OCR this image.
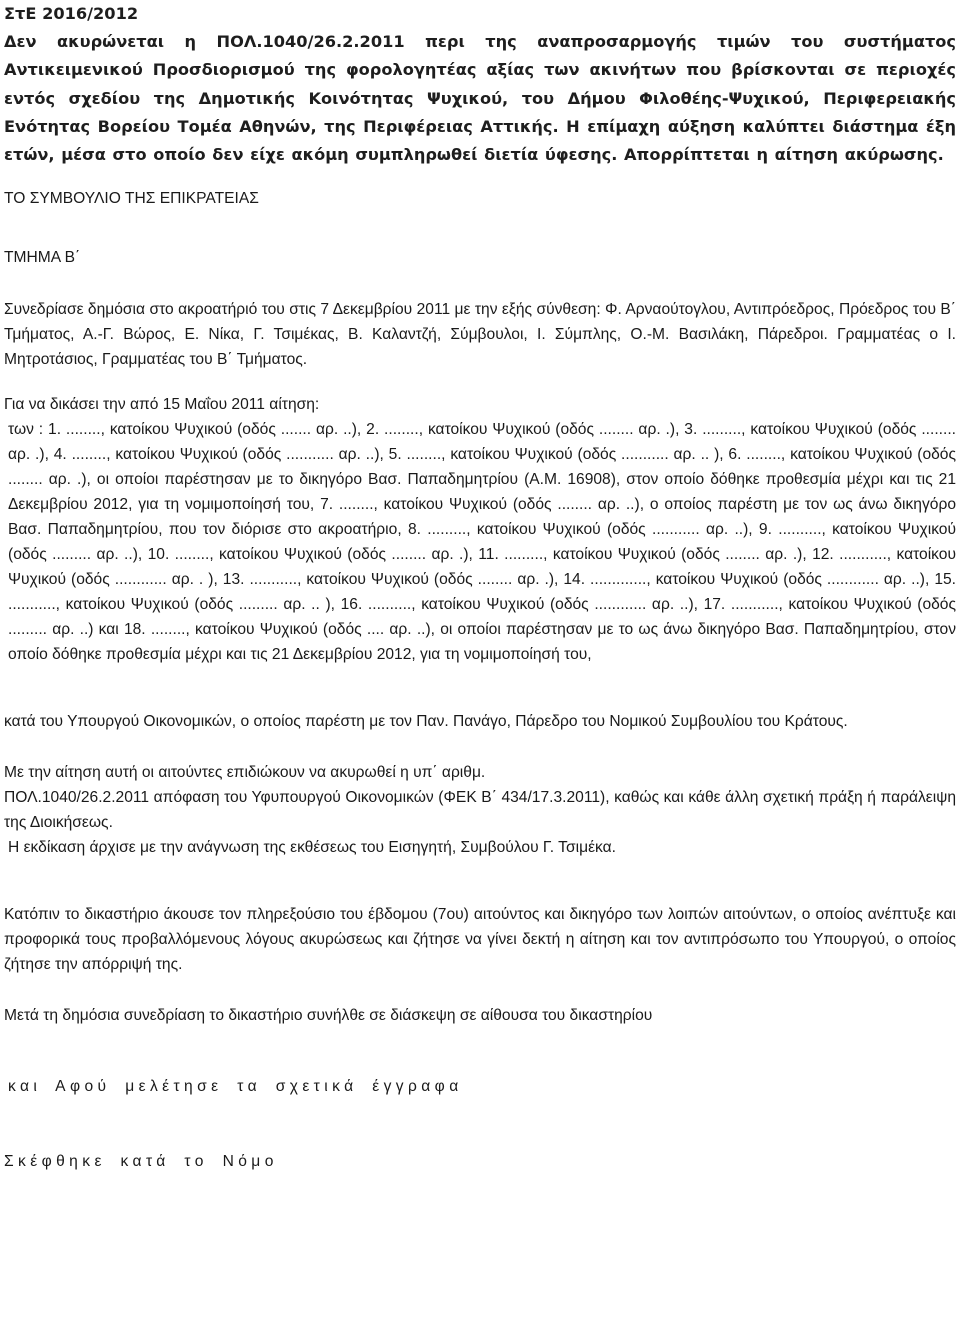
ΣτΕ 2016/2012
Δεν ακυρώνεται η ΠΟΛ.1040/26.2.2011 περι της αναπροσαρμογής τιμών του συστήματος Αντικειμενικού Προσδιορισμού της φορολογητέας αξίας των ακινήτων που βρίσκονται σε περιοχές εντός σχεδίου της Δημοτικής Κοινότητας Ψυχικού, του Δήμου Φιλοθέης-Ψυχικού, Περιφερειακής Ενότητας Βορείου Τομέα Αθηνών, της Περιφέρειας Αττικής. Η επίμαχη αύξηση καλύπτει διάστημα έξη ετών, μέσα στο οποίο δεν είχε ακόμη συμπληρωθεί διετία ύφεσης. Απορρίπτεται η αίτηση ακύρωσης.

ΤΟ ΣΥΜΒΟΥΛΙΟ ΤΗΣ ΕΠΙΚΡΑΤΕΙΑΣ

ΤΜΗΜΑ Β΄

Συνεδρίασε δημόσια στο ακροατήριό του στις 7 Δεκεμβρίου 2011 με την εξής σύνθεση: Φ. Αρναούτογλου, Αντιπρόεδρος, Πρόεδρος του Β΄ Τμήματος, Α.-Γ. Βώρος, Ε. Νίκα, Γ. Τσιμέκας, Β. Καλαντζή, Σύμβουλοι, Ι. Σύμπλης, Ο.-Μ. Βασιλάκη, Πάρεδροι. Γραμματέας ο Ι. Μητροτάσιος, Γραμματέας του Β΄ Τμήματος.

Για να δικάσει την από 15 Μαΐου 2011 αίτηση:

των : 1. ........, κατοίκου Ψυχικού (οδός ....... αρ. ..), 2. ........, κατοίκου Ψυχικού (οδός ........ αρ. .), 3. ........., κατοίκου Ψυχικού (οδός ........ αρ. .), 4. ........, κατοίκου Ψυχικού (οδός ........... αρ. ..), 5. ........, κατοίκου Ψυχικού (οδός ........... αρ. .. ), 6. ........, κατοίκου Ψυχικού (οδός ........ αρ. .), οι οποίοι παρέστησαν με το δικηγόρο Βασ. Παπαδημητρίου (Α.Μ. 16908), στον οποίο δόθηκε προθεσμία μέχρι και τις 21 Δεκεμβρίου 2012, για τη νομιμοποίησή του, 7. ........, κατοίκου Ψυχικού (οδός ........ αρ. ..), ο οποίος παρέστη με τον ως άνω δικηγόρο Βασ. Παπαδημητρίου, που τον διόρισε στο ακροατήριο, 8. ........., κατοίκου Ψυχικού (οδός ........... αρ. ..), 9. .........., κατοίκου Ψυχικού (οδός ......... αρ. ..), 10. ........, κατοίκου Ψυχικού (οδός ........ αρ. .), 11. ........., κατοίκου Ψυχικού (οδός ........ αρ. .), 12. ..........., κατοίκου Ψυχικού (οδός ............ αρ. . ), 13. ..........., κατοίκου Ψυχικού (οδός ........ αρ. .), 14. ............., κατοίκου Ψυχικού (οδός ............ αρ. ..), 15. ..........., κατοίκου Ψυχικού (οδός ......... αρ. .. ), 16. .........., κατοίκου Ψυχικού (οδός ............ αρ. ..), 17. ..........., κατοίκου Ψυχικού (οδός ......... αρ. ..) και 18. ........, κατοίκου Ψυχικού (οδός .... αρ. ..), οι οποίοι παρέστησαν με το ως άνω δικηγόρο Βασ. Παπαδημητρίου, στον οποίο δόθηκε προθεσμία μέχρι και τις 21 Δεκεμβρίου 2012, για τη νομιμοποίησή του,

κατά του Υπουργού Οικονομικών, ο οποίος παρέστη με τον Παν. Πανάγο, Πάρεδρο του Νομικού Συμβουλίου του Κράτους.

Με την αίτηση αυτή οι αιτούντες επιδιώκουν να ακυρωθεί η υπ΄ αριθμ.

ΠΟΛ.1040/26.2.2011 απόφαση του Υφυπουργού Οικονομικών (ΦΕΚ Β΄ 434/17.3.2011), καθώς και κάθε άλλη σχετική πράξη ή παράλειψη της Διοικήσεως.

Η εκδίκαση άρχισε με την ανάγνωση της εκθέσεως του Εισηγητή, Συμβούλου Γ. Τσιμέκα.

Κατόπιν το δικαστήριο άκουσε τον πληρεξούσιο του έβδομου (7ου) αιτούντος και δικηγόρο των λοιπών αιτούντων, ο οποίος ανέπτυξε και προφορικά τους προβαλλόμενους λόγους ακυρώσεως και ζήτησε να γίνει δεκτή η αίτηση και τον αντιπρόσωπο του Υπουργού, ο οποίος ζήτησε την απόρριψή της.

Μετά τη δημόσια συνεδρίαση το δικαστήριο συνήλθε σε διάσκεψη σε αίθουσα του δικαστηρίου

και Αφού μελέτησε τα σχετικά έγγραφα

Σκέφθηκε κατά το Νόμο
